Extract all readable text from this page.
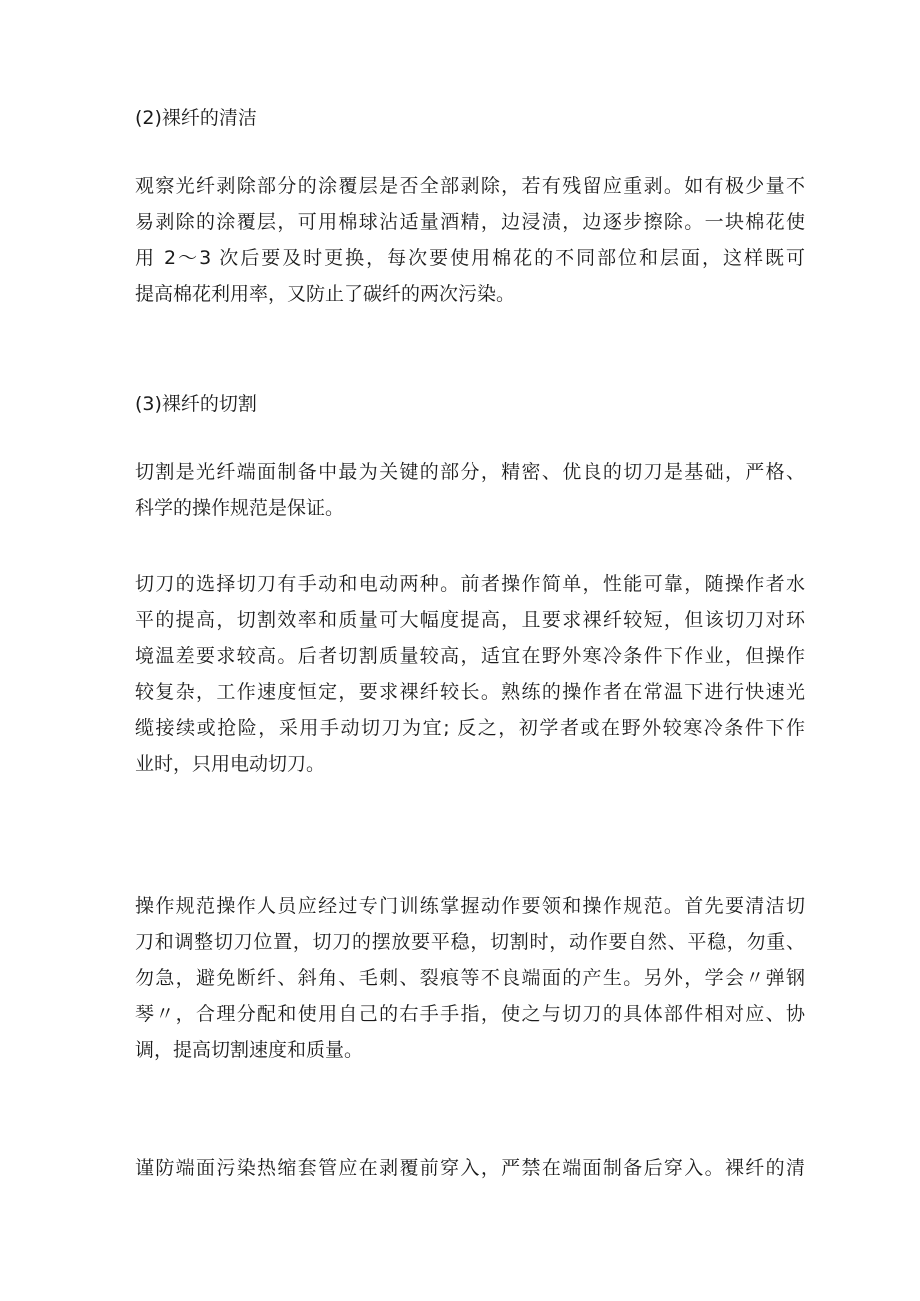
(2)裸纤的清洁

观察光纤剥除部分的涂覆层是否全部剥除，若有残留应重剥。如有极少量不
易剥除的涂覆层，可用棉球沾适量酒精，边浸渍，边逐步擦除。一块棉花使
用 2～3 次后要及时更换，每次要使用棉花的不同部位和层面，这样既可
提高棉花利用率，又防止了碳纤的两次污染。

(3)裸纤的切割

切割是光纤端面制备中最为关键的部分，精密、优良的切刀是基础，严格、
科学的操作规范是保证。

切刀的选择切刀有手动和电动两种。前者操作简单，性能可靠，随操作者水
平的提高，切割效率和质量可大幅度提高，且要求裸纤较短，但该切刀对环
境温差要求较高。后者切割质量较高，适宜在野外寒冷条件下作业，但操作
较复杂，工作速度恒定，要求裸纤较长。熟练的操作者在常温下进行快速光
缆接续或抢险，采用手动切刀为宜; 反之，初学者或在野外较寒冷条件下作
业时，只用电动切刀。

操作规范操作人员应经过专门训练掌握动作要领和操作规范。首先要清洁切
刀和调整切刀位置，切刀的摆放要平稳，切割时，动作要自然、平稳，勿重、
勿急，避免断纤、斜角、毛刺、裂痕等不良端面的产生。另外，学会〃弹钢
琴〃，合理分配和使用自己的右手手指，使之与切刀的具体部件相对应、协
调，提高切割速度和质量。

谨防端面污染热缩套管应在剥覆前穿入，严禁在端面制备后穿入。裸纤的清
